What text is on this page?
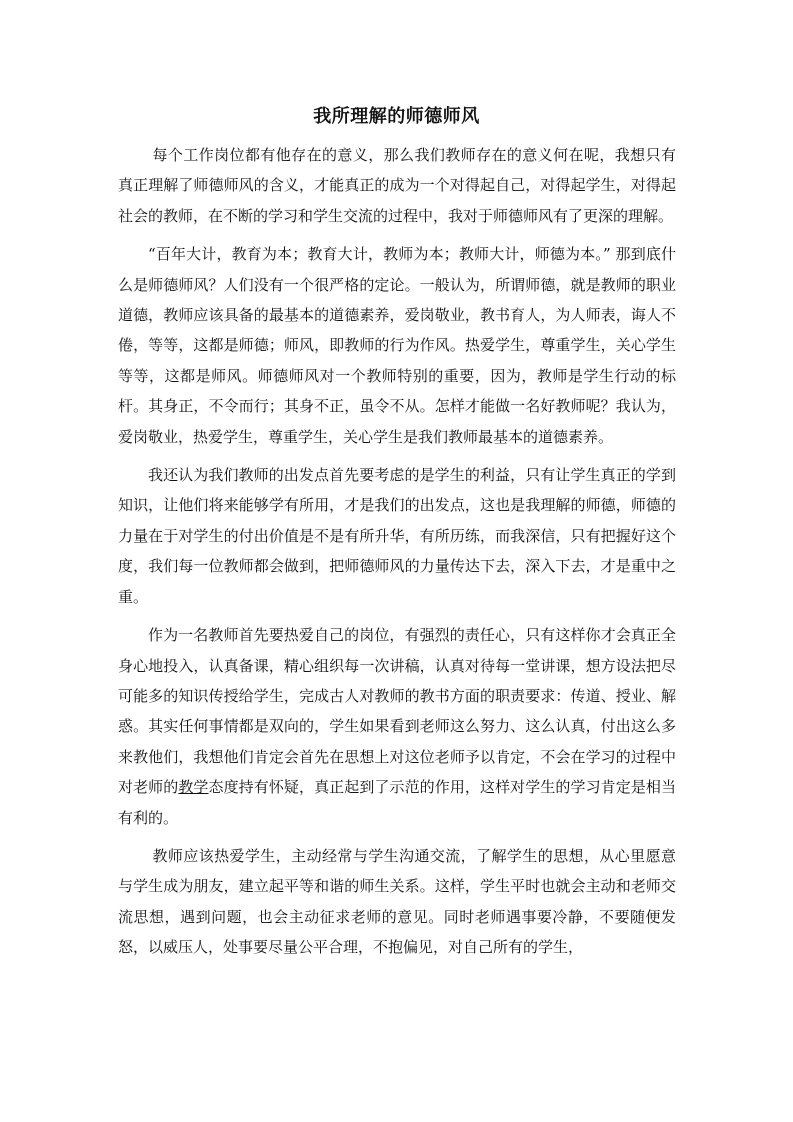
我所理解的师德师风

每个工作岗位都有他存在的意义，那么我们教师存在的意义何在呢，我想只有真正理解了师德师风的含义，才能真正的成为一个对得起自己，对得起学生，对得起社会的教师，在不断的学习和学生交流的过程中，我对于师德师风有了更深的理解。

“百年大计，教育为本；教育大计，教师为本；教师大计，师德为本。” 那到底什么是师德师风？人们没有一个很严格的定论。一般认为，所谓师德，就是教师的职业道德，教师应该具备的最基本的道德素养，爱岗敬业，教书育人，为人师表，诲人不倦，等等，这都是师德；师风，即教师的行为作风。热爱学生，尊重学生，关心学生等等，这都是师风。师德师风对一个教师特别的重要，因为，教师是学生行动的标杆。其身正，不令而行；其身不正，虽令不从。怎样才能做一名好教师呢？我认为，爱岗敬业，热爱学生，尊重学生，关心学生是我们教师最基本的道德素养。

我还认为我们教师的出发点首先要考虑的是学生的利益，只有让学生真正的学到知识，让他们将来能够学有所用，才是我们的出发点，这也是我理解的师德，师德的力量在于对学生的付出价值是不是有所升华，有所历练，而我深信，只有把握好这个度，我们每一位教师都会做到，把师德师风的力量传达下去，深入下去，才是重中之重。

作为一名教师首先要热爱自己的岗位，有强烈的责任心，只有这样你才会真正全身心地投入，认真备课，精心组织每一次讲稿，认真对待每一堂讲课，想方设法把尽可能多的知识传授给学生，完成古人对教师的教书方面的职责要求：传道、授业、解惑。其实任何事情都是双向的，学生如果看到老师这么努力、这么认真，付出这么多来教他们，我想他们肯定会首先在思想上对这位老师予以肯定，不会在学习的过程中对老师的教学态度持有怀疑，真正起到了示范的作用，这样对学生的学习肯定是相当有利的。

教师应该热爱学生，主动经常与学生沟通交流，了解学生的思想，从心里愿意与学生成为朋友，建立起平等和谐的师生关系。这样，学生平时也就会主动和老师交流思想，遇到问题，也会主动征求老师的意见。同时老师遇事要冷静，不要随便发怒，以威压人，处事要尽量公平合理，不抱偏见，对自己所有的学生，
